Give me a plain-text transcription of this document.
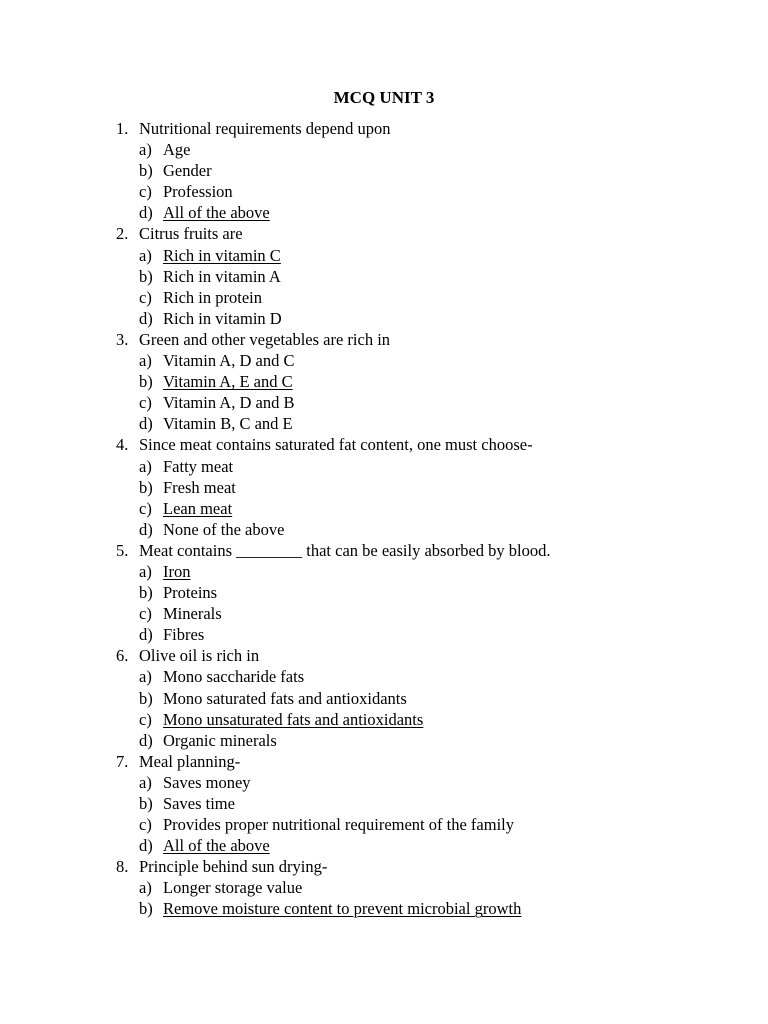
MCQ UNIT 3
1. Nutritional requirements depend upon
a) Age
b) Gender
c) Profession
d) All of the above
2. Citrus fruits are
a) Rich in vitamin C
b) Rich in vitamin A
c) Rich in protein
d) Rich in vitamin D
3. Green and other vegetables are rich in
a) Vitamin A, D and C
b) Vitamin A, E and C
c) Vitamin A, D and B
d) Vitamin B, C and E
4. Since meat contains saturated fat content, one must choose-
a) Fatty meat
b) Fresh meat
c) Lean meat
d) None of the above
5. Meat contains ________ that can be easily absorbed by blood.
a) Iron
b) Proteins
c) Minerals
d) Fibres
6. Olive oil is rich in
a) Mono saccharide fats
b) Mono saturated fats and antioxidants
c) Mono unsaturated fats and antioxidants
d) Organic minerals
7. Meal planning-
a) Saves money
b) Saves time
c) Provides proper nutritional requirement of the family
d) All of the above
8. Principle behind sun drying-
a) Longer storage value
b) Remove moisture content to prevent microbial growth
